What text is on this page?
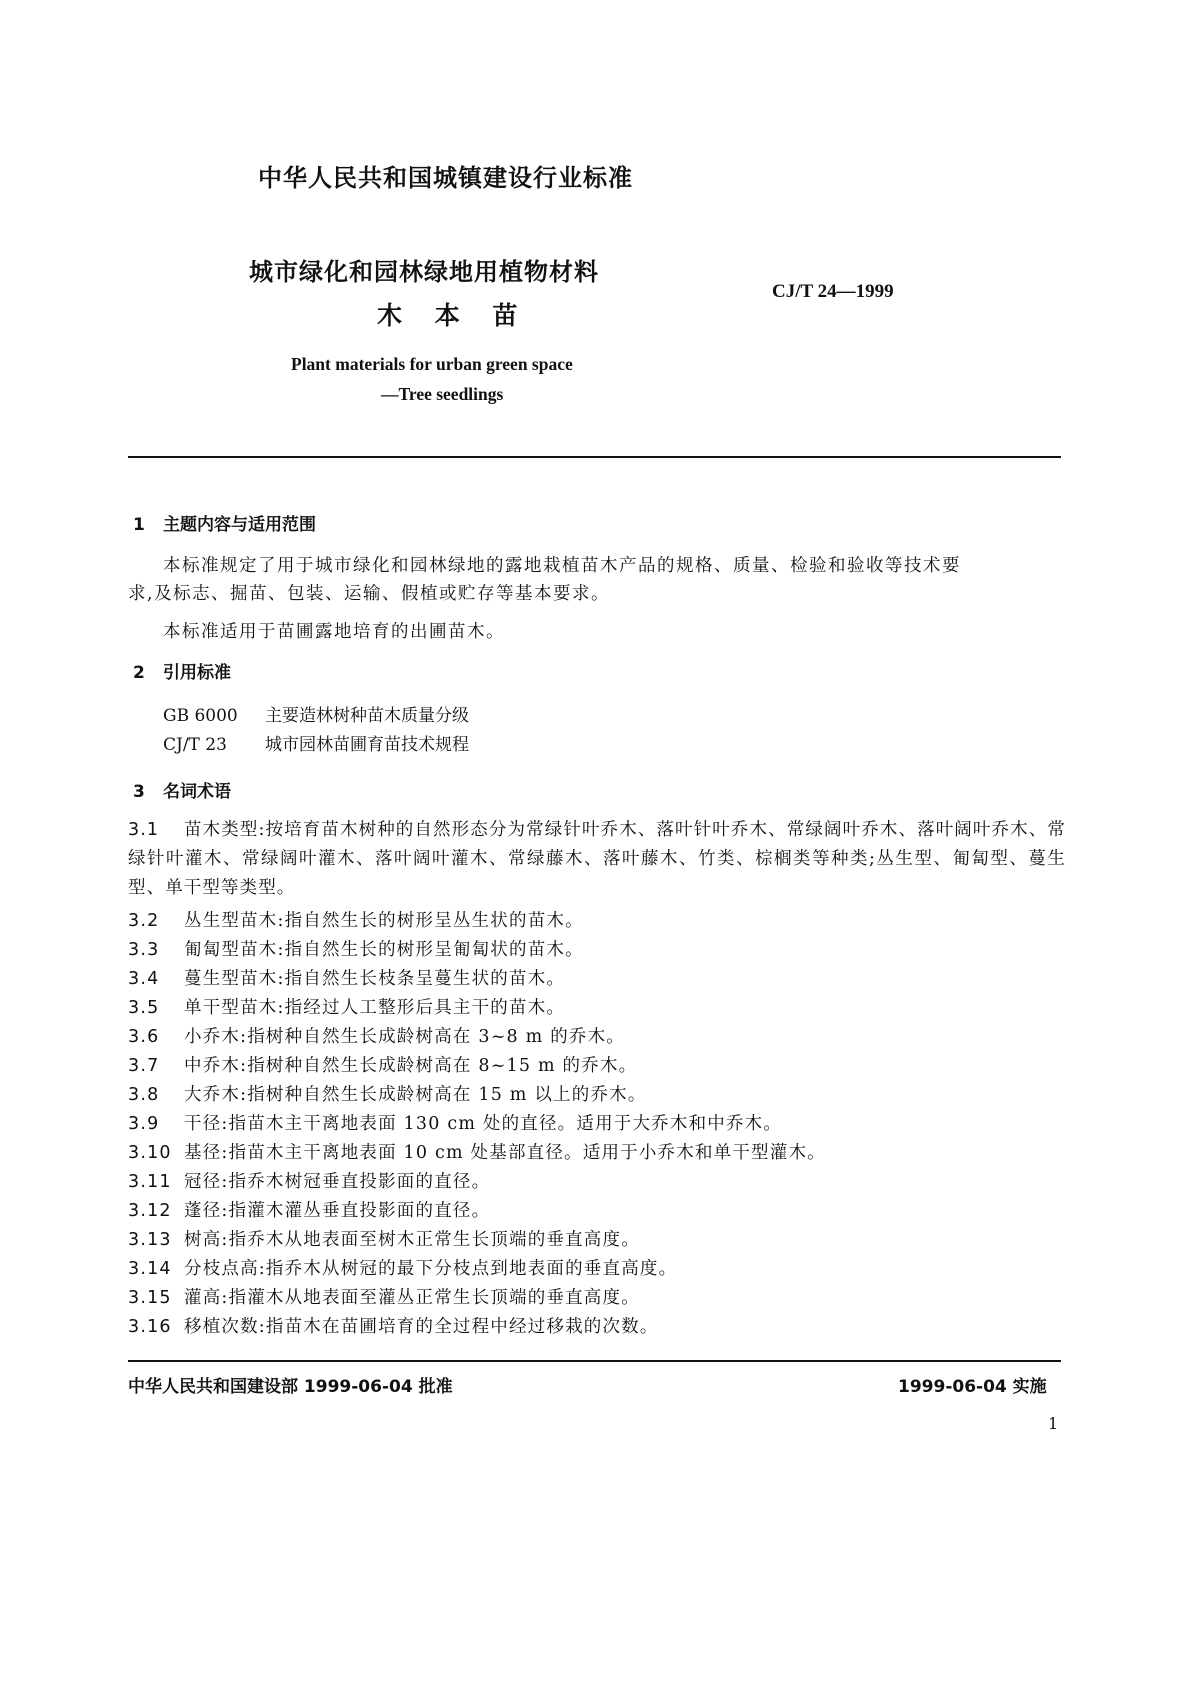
中华人民共和国城镇建设行业标准
城市绿化和园林绿地用植物材料
木 本 苗
CJ/T 24—1999
Plant materials for urban green space
—Tree seedlings
1 主题内容与适用范围
本标准规定了用于城市绿化和园林绿地的露地栽植苗木产品的规格、质量、检验和验收等技术要
求,及标志、掘苗、包装、运输、假植或贮存等基本要求。
本标准适用于苗圃露地培育的出圃苗木。
2 引用标准
GB 6000 主要造林树种苗木质量分级
CJ/T 23 城市园林苗圃育苗技术规程
3 名词术语
3.1 苗木类型:按培育苗木树种的自然形态分为常绿针叶乔木、落叶针叶乔木、常绿阔叶乔木、落叶阔叶乔木、常绿针叶灌木、常绿阔叶灌木、落叶阔叶灌木、常绿藤木、落叶藤木、竹类、棕榈类等种类;丛生型、匍匐型、蔓生型、单干型等类型。
3.2 丛生型苗木:指自然生长的树形呈丛生状的苗木。
3.3 匍匐型苗木:指自然生长的树形呈匍匐状的苗木。
3.4 蔓生型苗木:指自然生长枝条呈蔓生状的苗木。
3.5 单干型苗木:指经过人工整形后具主干的苗木。
3.6 小乔木:指树种自然生长成龄树高在 3~8 m 的乔木。
3.7 中乔木:指树种自然生长成龄树高在 8~15 m 的乔木。
3.8 大乔木:指树种自然生长成龄树高在 15 m 以上的乔木。
3.9 干径:指苗木主干离地表面 130 cm 处的直径。适用于大乔木和中乔木。
3.10 基径:指苗木主干离地表面 10 cm 处基部直径。适用于小乔木和单干型灌木。
3.11 冠径:指乔木树冠垂直投影面的直径。
3.12 蓬径:指灌木灌丛垂直投影面的直径。
3.13 树高:指乔木从地表面至树木正常生长顶端的垂直高度。
3.14 分枝点高:指乔木从树冠的最下分枝点到地表面的垂直高度。
3.15 灌高:指灌木从地表面至灌丛正常生长顶端的垂直高度。
3.16 移植次数:指苗木在苗圃培育的全过程中经过移栽的次数。
中华人民共和国建设部 1999-06-04 批准	1999-06-04 实施
1
